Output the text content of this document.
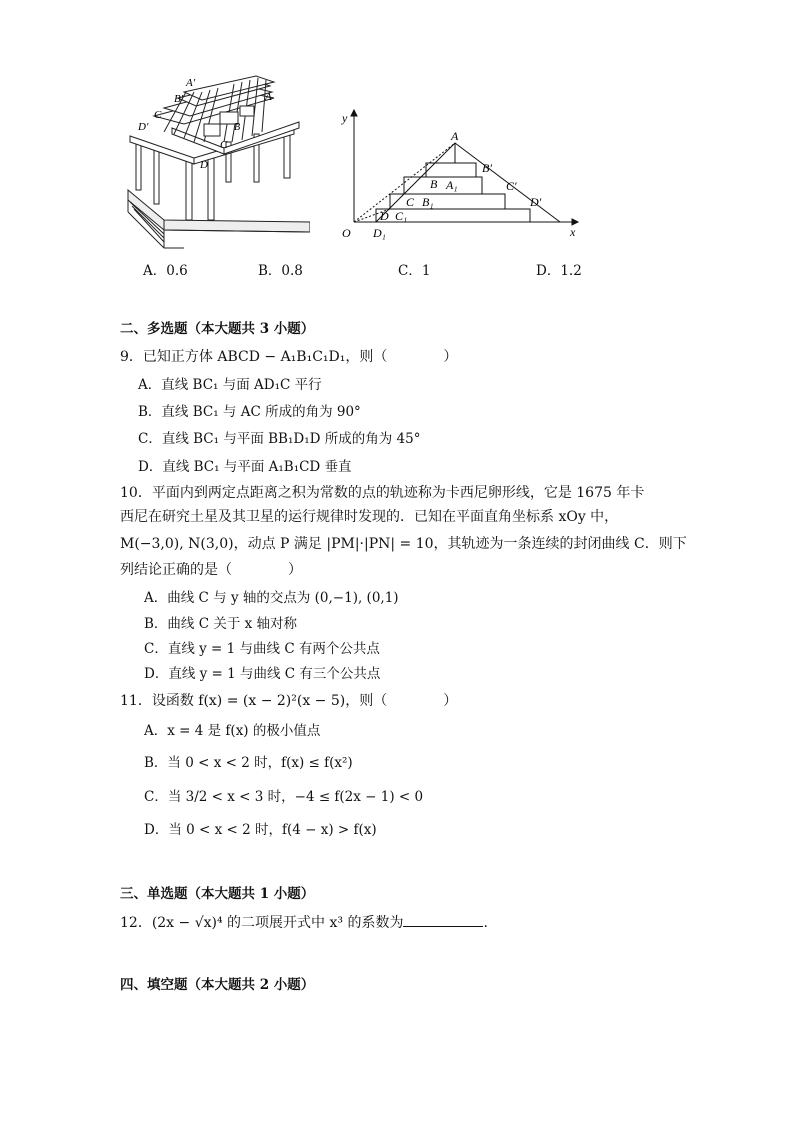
A′
A
B′
C
D′	B
C
D
y
x
O
A
B′
C′
D′
B A₁
C B₁
D C₁
D₁
A．0.6	B．0.8	C．1	D．1.2
二、多选题（本大题共 3 小题）
9．已知正方体 ABCD − A₁B₁C₁D₁，则（　　　　）
A．直线 BC₁ 与面 AD₁C 平行
B．直线 BC₁ 与 AC 所成的角为 90°
C．直线 BC₁ 与平面 BB₁D₁D 所成的角为 45°
D．直线 BC₁ 与平面 A₁B₁CD 垂直
10．平面内到两定点距离之积为常数的点的轨迹称为卡西尼卵形线，它是 1675 年卡
西尼在研究土星及其卫星的运行规律时发现的．已知在平面直角坐标系 xOy 中，
M(−3,0), N(3,0)，动点 P 满足 |PM|·|PN| = 10，其轨迹为一条连续的封闭曲线 C．则下
列结论正确的是（　　　　）
A．曲线 C 与 y 轴的交点为 (0,−1), (0,1)
B．曲线 C 关于 x 轴对称
C．直线 y = 1 与曲线 C 有两个公共点
D．直线 y = 1 与曲线 C 有三个公共点
11．设函数 f(x) = (x − 2)²(x − 5)，则（　　　　）
A．x = 4 是 f(x) 的极小值点
B．当 0 < x < 2 时，f(x) ≤ f(x²)
C．当 3/2 < x < 3 时，−4 ≤ f(2x − 1) < 0
D．当 0 < x < 2 时，f(4 − x) > f(x)
三、单选题（本大题共 1 小题）
12．(2x − √x)⁴ 的二项展开式中 x³ 的系数为	.
四、填空题（本大题共 2 小题）
